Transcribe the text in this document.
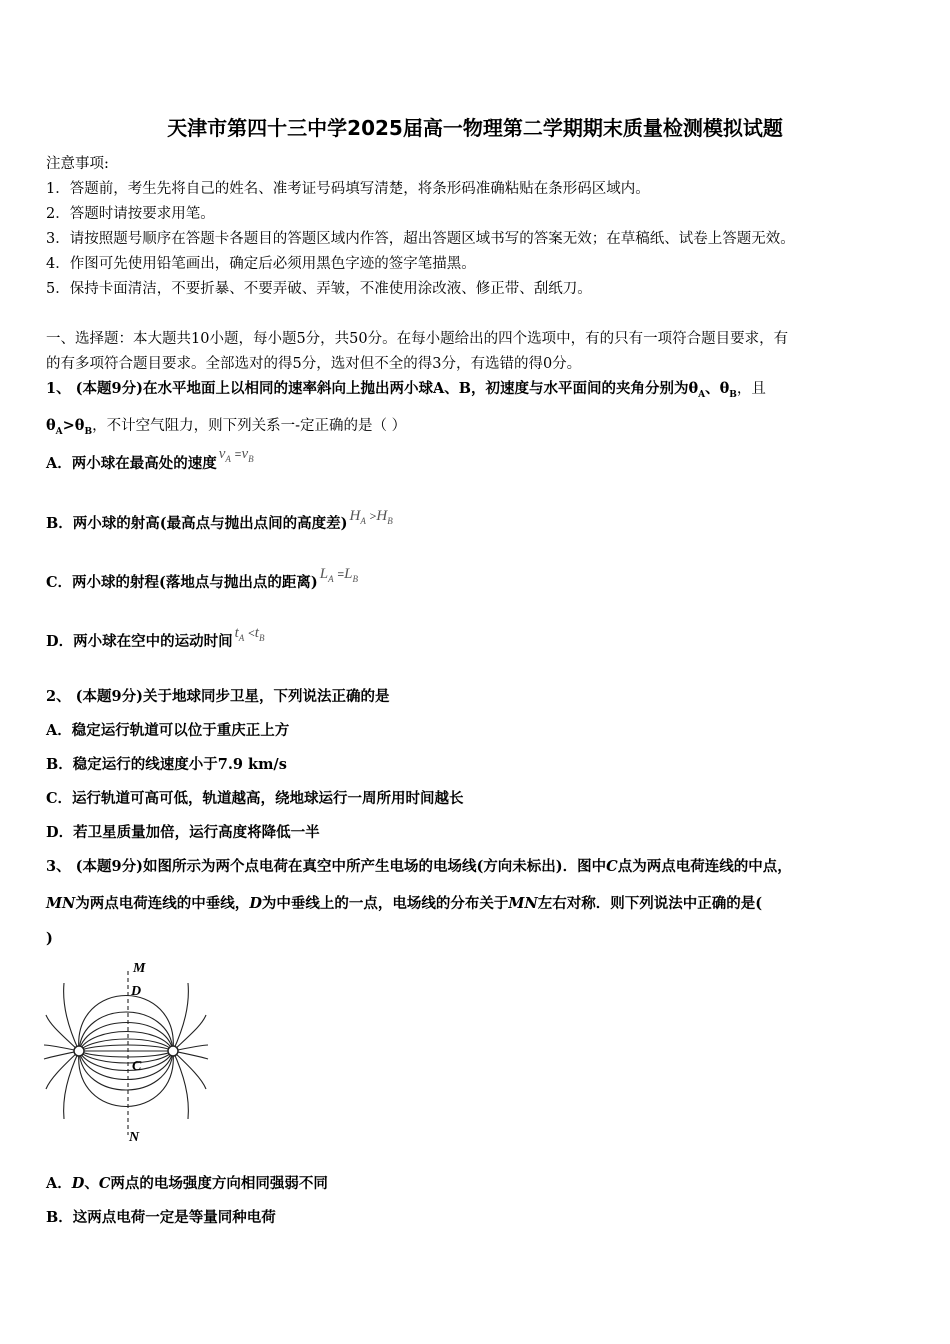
天津市第四十三中学2025届高一物理第二学期期末质量检测模拟试题
注意事项:
1．答题前，考生先将自己的姓名、准考证号码填写清楚，将条形码准确粘贴在条形码区域内。
2．答题时请按要求用笔。
3．请按照题号顺序在答题卡各题目的答题区域内作答，超出答题区域书写的答案无效；在草稿纸、试卷上答题无效。
4．作图可先使用铅笔画出，确定后必须用黑色字迹的签字笔描黑。
5．保持卡面清洁，不要折暴、不要弄破、弄皱，不准使用涂改液、修正带、刮纸刀。
一、选择题：本大题共10小题，每小题5分，共50分。在每小题给出的四个选项中，有的只有一项符合题目要求，有
的有多项符合题目要求。全部选对的得5分，选对但不全的得3分，有选错的得0分。
1、 (本题9分)在水平地面上以相同的速率斜向上抛出两小球A、B，初速度与水平面间的夹角分别为$\theta_A$、$\theta_B$，且
$\theta_A>\theta_B$，不计空气阻力，则下列关系一-定正确的是（ ）
A．两小球在最高处的速度$v_A =v_B$
B．两小球的射高(最高点与抛出点间的高度差) $H_A >H_B$
C．两小球的射程(落地点与抛出点的距离) $L_A =L_B$
D．两小球在空中的运动时间 $t_A <t_B$
2、 (本题9分)关于地球同步卫星，下列说法正确的是
A．稳定运行轨道可以位于重庆正上方
B．稳定运行的线速度小于7.9 km/s
C．运行轨道可高可低，轨道越高，绕地球运行一周所用时间越长
D．若卫星质量加倍，运行高度将降低一半
3、 (本题9分)如图所示为两个点电荷在真空中所产生电场的电场线(方向未标出)．图中C点为两点电荷连线的中点，
MN为两点电荷连线的中垂线，D为中垂线上的一点，电场线的分布关于MN左右对称．则下列说法中正确的是(
)
M
D
C
N
A．D、C两点的电场强度方向相同强弱不同
B．这两点电荷一定是等量同种电荷
